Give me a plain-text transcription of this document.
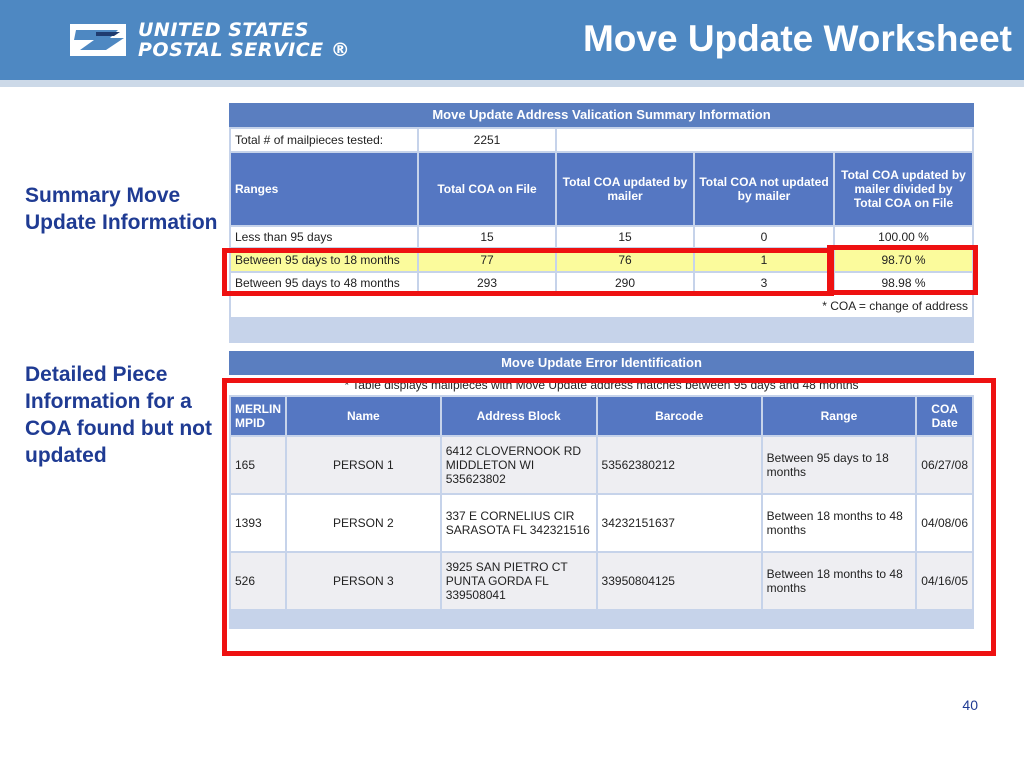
UNITED STATES
POSTAL SERVICE ®	Move Update Worksheet
Summary Move Update Information
Detailed Piece Information for a COA found but not updated
Move Update Address Valication Summary Information
Total # of mailpieces tested:	2251			
Ranges	Total COA on File	Total COA updated by mailer	Total COA not updated by mailer	Total COA updated by mailer divided by Total COA on File
Less than 95 days	15	15	0	100.00 %
Between 95 days to 18 months	77	76	1	98.70 %
Between 95 days to 48 months	293	290	3	98.98 %
* COA = change of address				
Move Update Error Identification
* Table displays mailpieces with Move Update address matches between 95 days and 48 months
MERLIN MPID	Name	Address Block	Barcode	Range	COA Date
165	PERSON 1	6412 CLOVERNOOK RD MIDDLETON WI 535623802	53562380212	Between 95 days to 18 months	06/27/08
1393	PERSON 2	337 E CORNELIUS CIR SARASOTA FL 342321516	34232151637	Between 18 months to 48 months	04/08/06
526	PERSON 3	3925 SAN PIETRO CT PUNTA GORDA FL 339508041	33950804125	Between 18 months to 48 months	04/16/05
40
